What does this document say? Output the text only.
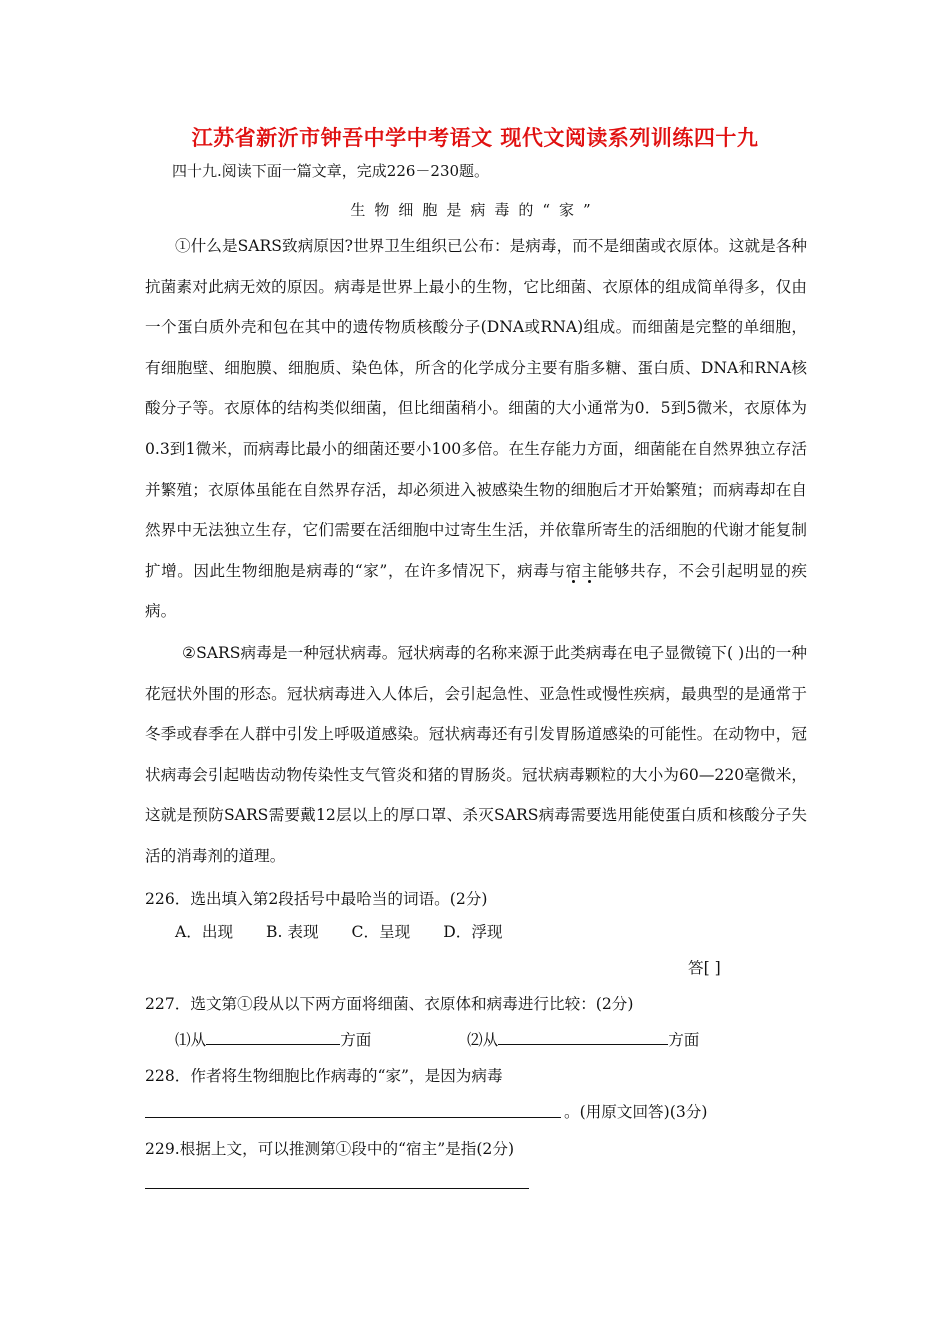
江苏省新沂市钟吾中学中考语文 现代文阅读系列训练四十九
四十九.阅读下面一篇文章，完成226－230题。
生物细胞是病毒的“家”

①什么是SARS致病原因?世界卫生组织已公布：是病毒，而不是细菌或衣原体。这就是各种抗菌素对此病无效的原因。病毒是世界上最小的生物，它比细菌、衣原体的组成简单得多，仅由一个蛋白质外壳和包在其中的遗传物质核酸分子(DNA或RNA)组成。而细菌是完整的单细胞，有细胞壁、细胞膜、细胞质、染色体，所含的化学成分主要有脂多糖、蛋白质、DNA和RNA核酸分子等。衣原体的结构类似细菌，但比细菌稍小。细菌的大小通常为0．5到5微米，衣原体为0.3到1微米，而病毒比最小的细菌还要小100多倍。在生存能力方面，细菌能在自然界独立存活并繁殖；衣原体虽能在自然界存活，却必须进入被感染生物的细胞后才开始繁殖；而病毒却在自然界中无法独立生存，它们需要在活细胞中过寄生生活，并依靠所寄生的活细胞的代谢才能复制扩增。因此生物细胞是病毒的“家”，在许多情况下，病毒与宿主能够共存，不会引起明显的疾病。

②SARS病毒是一种冠状病毒。冠状病毒的名称来源于此类病毒在电子显微镜下( )出的一种花冠状外围的形态。冠状病毒进入人体后，会引起急性、亚急性或慢性疾病，最典型的是通常于冬季或春季在人群中引发上呼吸道感染。冠状病毒还有引发胃肠道感染的可能性。在动物中，冠状病毒会引起啮齿动物传染性支气管炎和猪的胃肠炎。冠状病毒颗粒的大小为60—220毫微米，这就是预防SARS需要戴12层以上的厚口罩、杀灭SARS病毒需要选用能使蛋白质和核酸分子失活的消毒剂的道理。

226．选出填入第2段括号中最哈当的词语。(2分)
A．出现 B. 表现 C．呈现 D．浮现
答[ ]
227．选文第①段从以下两方面将细菌、衣原体和病毒进行比较：(2分)
⑴从	方面	⑵从	方面
228．作者将生物细胞比作病毒的“家”，是因为病毒
。(用原文回答)(3分)
229.根据上文，可以推测第①段中的“宿主”是指(2分)
